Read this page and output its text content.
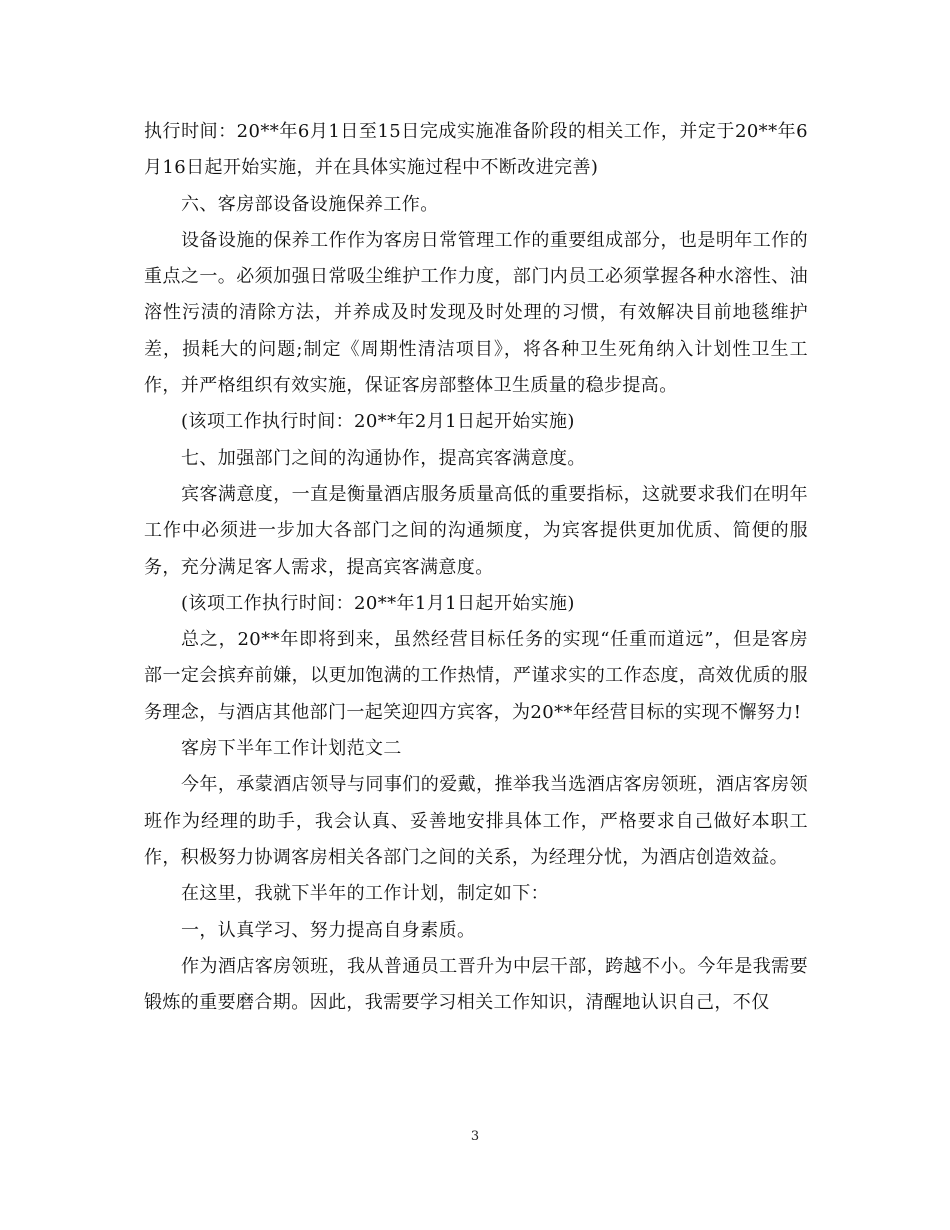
执行时间：20**年6月1日至15日完成实施准备阶段的相关工作，并定于20**年6月16日起开始实施，并在具体实施过程中不断改进完善)

六、客房部设备设施保养工作。

设备设施的保养工作作为客房日常管理工作的重要组成部分，也是明年工作的重点之一。必须加强日常吸尘维护工作力度，部门内员工必须掌握各种水溶性、油溶性污渍的清除方法，并养成及时发现及时处理的习惯，有效解决目前地毯维护差，损耗大的问题;制定《周期性清洁项目》，将各种卫生死角纳入计划性卫生工作，并严格组织有效实施，保证客房部整体卫生质量的稳步提高。

(该项工作执行时间：20**年2月1日起开始实施)

七、加强部门之间的沟通协作，提高宾客满意度。

宾客满意度，一直是衡量酒店服务质量高低的重要指标，这就要求我们在明年工作中必须进一步加大各部门之间的沟通频度，为宾客提供更加优质、简便的服务，充分满足客人需求，提高宾客满意度。

(该项工作执行时间：20**年1月1日起开始实施)

总之，20**年即将到来，虽然经营目标任务的实现“任重而道远”，但是客房部一定会摈弃前嫌，以更加饱满的工作热情，严谨求实的工作态度，高效优质的服务理念，与酒店其他部门一起笑迎四方宾客，为20**年经营目标的实现不懈努力!

客房下半年工作计划范文二

今年，承蒙酒店领导与同事们的爱戴，推举我当选酒店客房领班，酒店客房领班作为经理的助手，我会认真、妥善地安排具体工作，严格要求自己做好本职工作，积极努力协调客房相关各部门之间的关系，为经理分忧，为酒店创造效益。

在这里，我就下半年的工作计划，制定如下：

一，认真学习、努力提高自身素质。

作为酒店客房领班，我从普通员工晋升为中层干部，跨越不小。今年是我需要锻炼的重要磨合期。因此，我需要学习相关工作知识，清醒地认识自己，不仅

3
